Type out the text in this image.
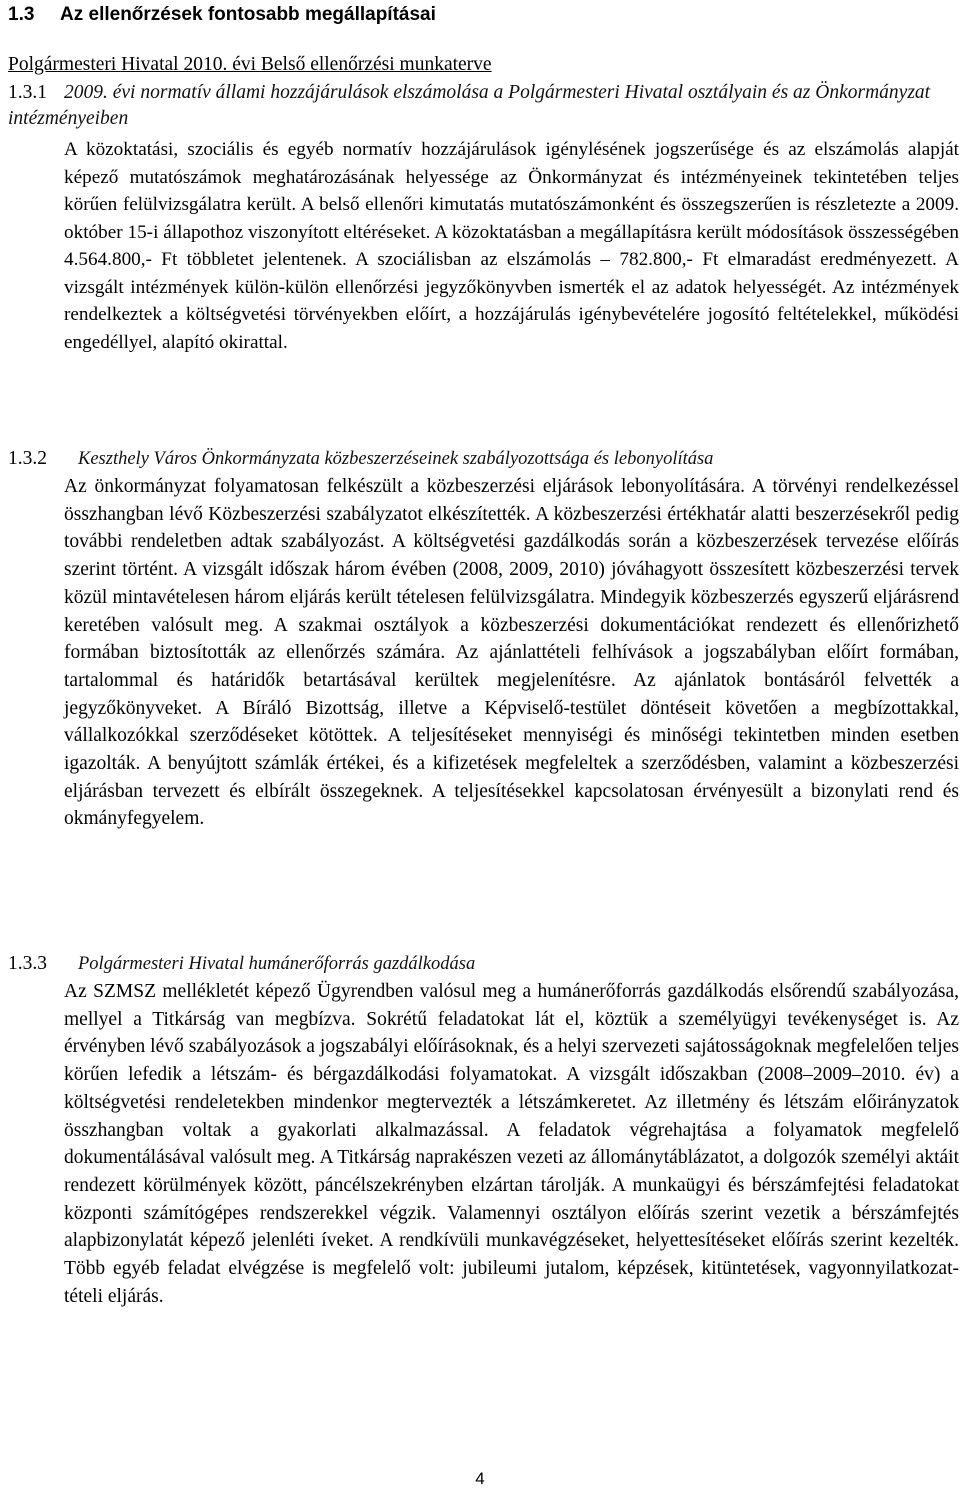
1.3 Az ellenőrzések fontosabb megállapításai
Polgármesteri Hivatal 2010. évi Belső ellenőrzési munkaterve
1.3.1 2009. évi normatív állami hozzájárulások elszámolása a Polgármesteri Hivatal osztályain és az Önkormányzat intézményeiben
A közoktatási, szociális és egyéb normatív hozzájárulások igénylésének jogszerűsége és az elszámolás alapját képező mutatószámok meghatározásának helyessége az Önkormányzat és intézményeinek tekintetében teljes körűen felülvizsgálatra került. A belső ellenőri kimutatás mutatószámonként és összegszerűen is részletezte a 2009. október 15-i állapothoz viszonyított eltéréseket. A közoktatásban a megállapításra került módosítások összességében 4.564.800,- Ft többletet jelentenek. A szociálisban az elszámolás – 782.800,- Ft elmaradást eredményezett. A vizsgált intézmények külön-külön ellenőrzési jegyzőkönyvben ismerték el az adatok helyességét. Az intézmények rendelkeztek a költségvetési törvényekben előírt, a hozzájárulás igénybevételére jogosító feltételekkel, működési engedéllyel, alapító okirattal.
1.3.2 Keszthely Város Önkormányzata közbeszerzéseinek szabályozottsága és lebonyolítása
Az önkormányzat folyamatosan felkészült a közbeszerzési eljárások lebonyolítására. A törvényi rendelkezéssel összhangban lévő Közbeszerzési szabályzatot elkészítették. A közbeszerzési értékhatár alatti beszerzésekről pedig további rendeletben adtak szabályozást. A költségvetési gazdálkodás során a közbeszerzések tervezése előírás szerint történt. A vizsgált időszak három évében (2008, 2009, 2010) jóváhagyott összesített közbeszerzési tervek közül mintavételesen három eljárás került tételesen felülvizsgálatra. Mindegyik közbeszerzés egyszerű eljárásrend keretében valósult meg. A szakmai osztályok a közbeszerzési dokumentációkat rendezett és ellenőrizhető formában biztosították az ellenőrzés számára. Az ajánlattételi felhívások a jogszabályban előírt formában, tartalommal és határidők betartásával kerültek megjelenítésre. Az ajánlatok bontásáról felvették a jegyzőkönyveket. A Bíráló Bizottság, illetve a Képviselő-testület döntéseit követően a megbízottakkal, vállalkozókkal szerződéseket kötöttek. A teljesítéseket mennyiségi és minőségi tekintetben minden esetben igazolták. A benyújtott számlák értékei, és a kifizetések megfeleltek a szerződésben, valamint a közbeszerzési eljárásban tervezett és elbírált összegeknek. A teljesítésekkel kapcsolatosan érvényesült a bizonylati rend és okmányfegyelem.
1.3.3 Polgármesteri Hivatal humánerőforrás gazdálkodása
Az SZMSZ mellékletét képező Ügyrendben valósul meg a humánerőforrás gazdálkodás elsőrendű szabályozása, mellyel a Titkárság van megbízva. Sokrétű feladatokat lát el, köztük a személyügyi tevékenységet is. Az érvényben lévő szabályozások a jogszabályi előírásoknak, és a helyi szervezeti sajátosságoknak megfelelően teljes körűen lefedik a létszám- és bérgazdálkodási folyamatokat. A vizsgált időszakban (2008–2009–2010. év) a költségvetési rendeletekben mindenkor megtervezték a létszámkeretet. Az illetmény és létszám előirányzatok összhangban voltak a gyakorlati alkalmazással. A feladatok végrehajtása a folyamatok megfelelő dokumentálásával valósult meg. A Titkárság naprakészen vezeti az állománytáblázatot, a dolgozók személyi aktáit rendezett körülmények között, páncélszekrényben elzártan tárolják. A munkaügyi és bérszámfejtési feladatokat központi számítógépes rendszerekkel végzik. Valamennyi osztályon előírás szerint vezetik a bérszámfejtés alapbizonylatát képező jelenléti íveket. A rendkívüli munkavégzéseket, helyettesítéseket előírás szerint kezelték. Több egyéb feladat elvégzése is megfelelő volt: jubileumi jutalom, képzések, kitüntetések, vagyonnyilatkozat-tételi eljárás.
4
